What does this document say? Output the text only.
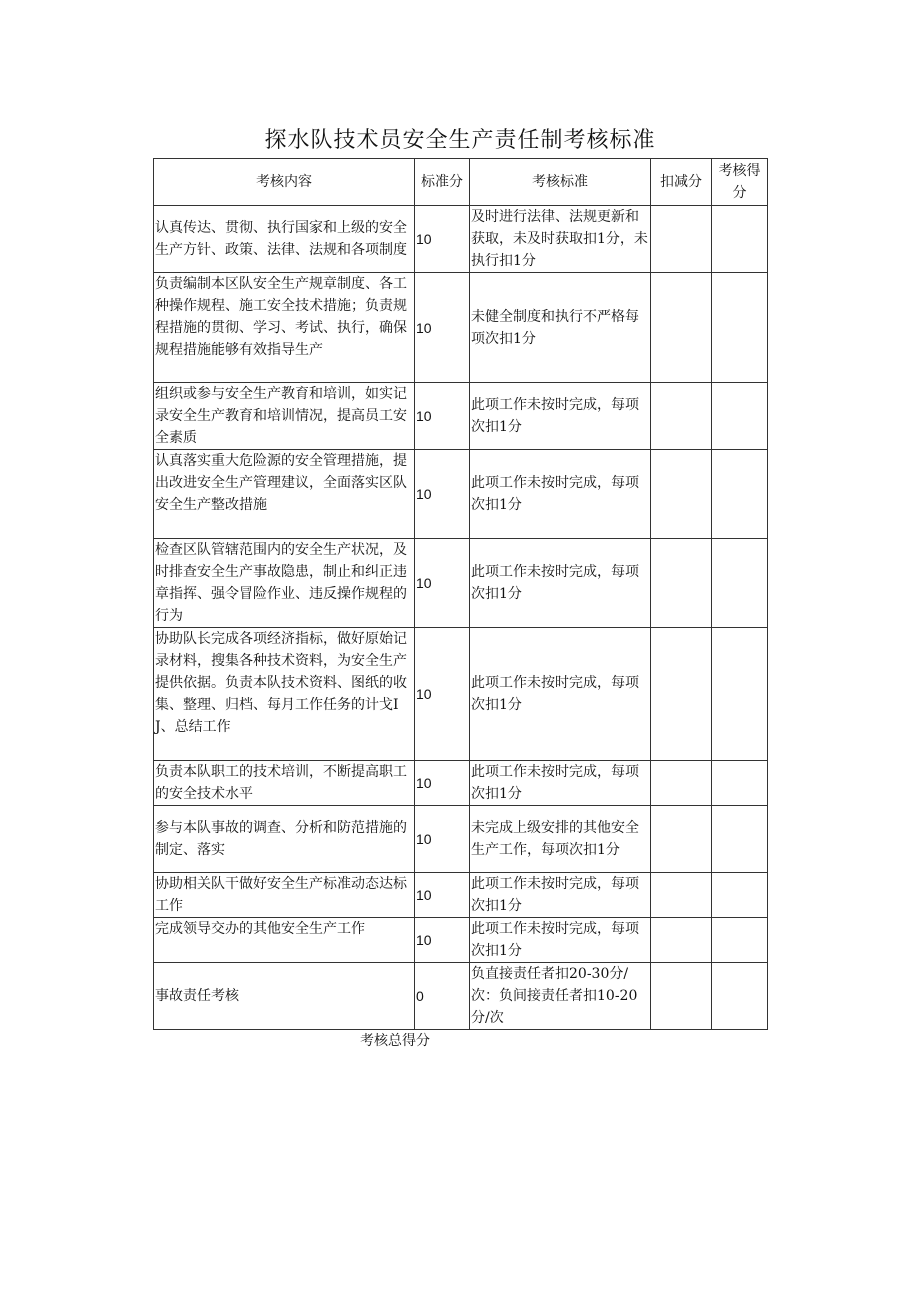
探水队技术员安全生产责任制考核标准
考核内容	标准分	考核标准	扣减分	考核得分
认真传达、贯彻、执行国家和上级的安全生产方针、政策、法律、法规和各项制度	10	及时进行法律、法规更新和获取，未及时获取扣1分，未执行扣1分		
负责编制本区队安全生产规章制度、各工种操作规程、施工安全技术措施；负责规程措施的贯彻、学习、考试、执行，确保规程措施能够有效指导生产	10	未健全制度和执行不严格每项次扣1分		
组织或参与安全生产教育和培训，如实记录安全生产教育和培训情况，提高员工安全素质	10	此项工作未按时完成，每项次扣1分		
认真落实重大危险源的安全管理措施，提出改进安全生产管理建议，全面落实区队安全生产整改措施	10	此项工作未按时完成，每项次扣1分		
检查区队管辖范围内的安全生产状况，及时排查安全生产事故隐患，制止和纠正违章指挥、强令冒险作业、违反操作规程的行为	10	此项工作未按时完成，每项次扣1分		
协助队长完成各项经济指标，做好原始记录材料，搜集各种技术资料，为安全生产提供依据。负责本队技术资料、图纸的收集、整理、归档、每月工作任务的计戈IJ、总结工作	10	此项工作未按时完成，每项次扣1分		
负责本队职工的技术培训，不断提高职工的安全技术水平	10	此项工作未按时完成，每项次扣1分		
参与本队事故的调查、分析和防范措施的制定、落实	10	未完成上级安排的其他安全生产工作，每项次扣1分		
协助相关队干做好安全生产标准动态达标工作	10	此项工作未按时完成，每项次扣1分		
完成领导交办的其他安全生产工作	10	此项工作未按时完成，每项次扣1分		
事故责任考核	0	负直接责任者扣20-30分/次：负间接责任者扣10-20分/次		
考核总得分
